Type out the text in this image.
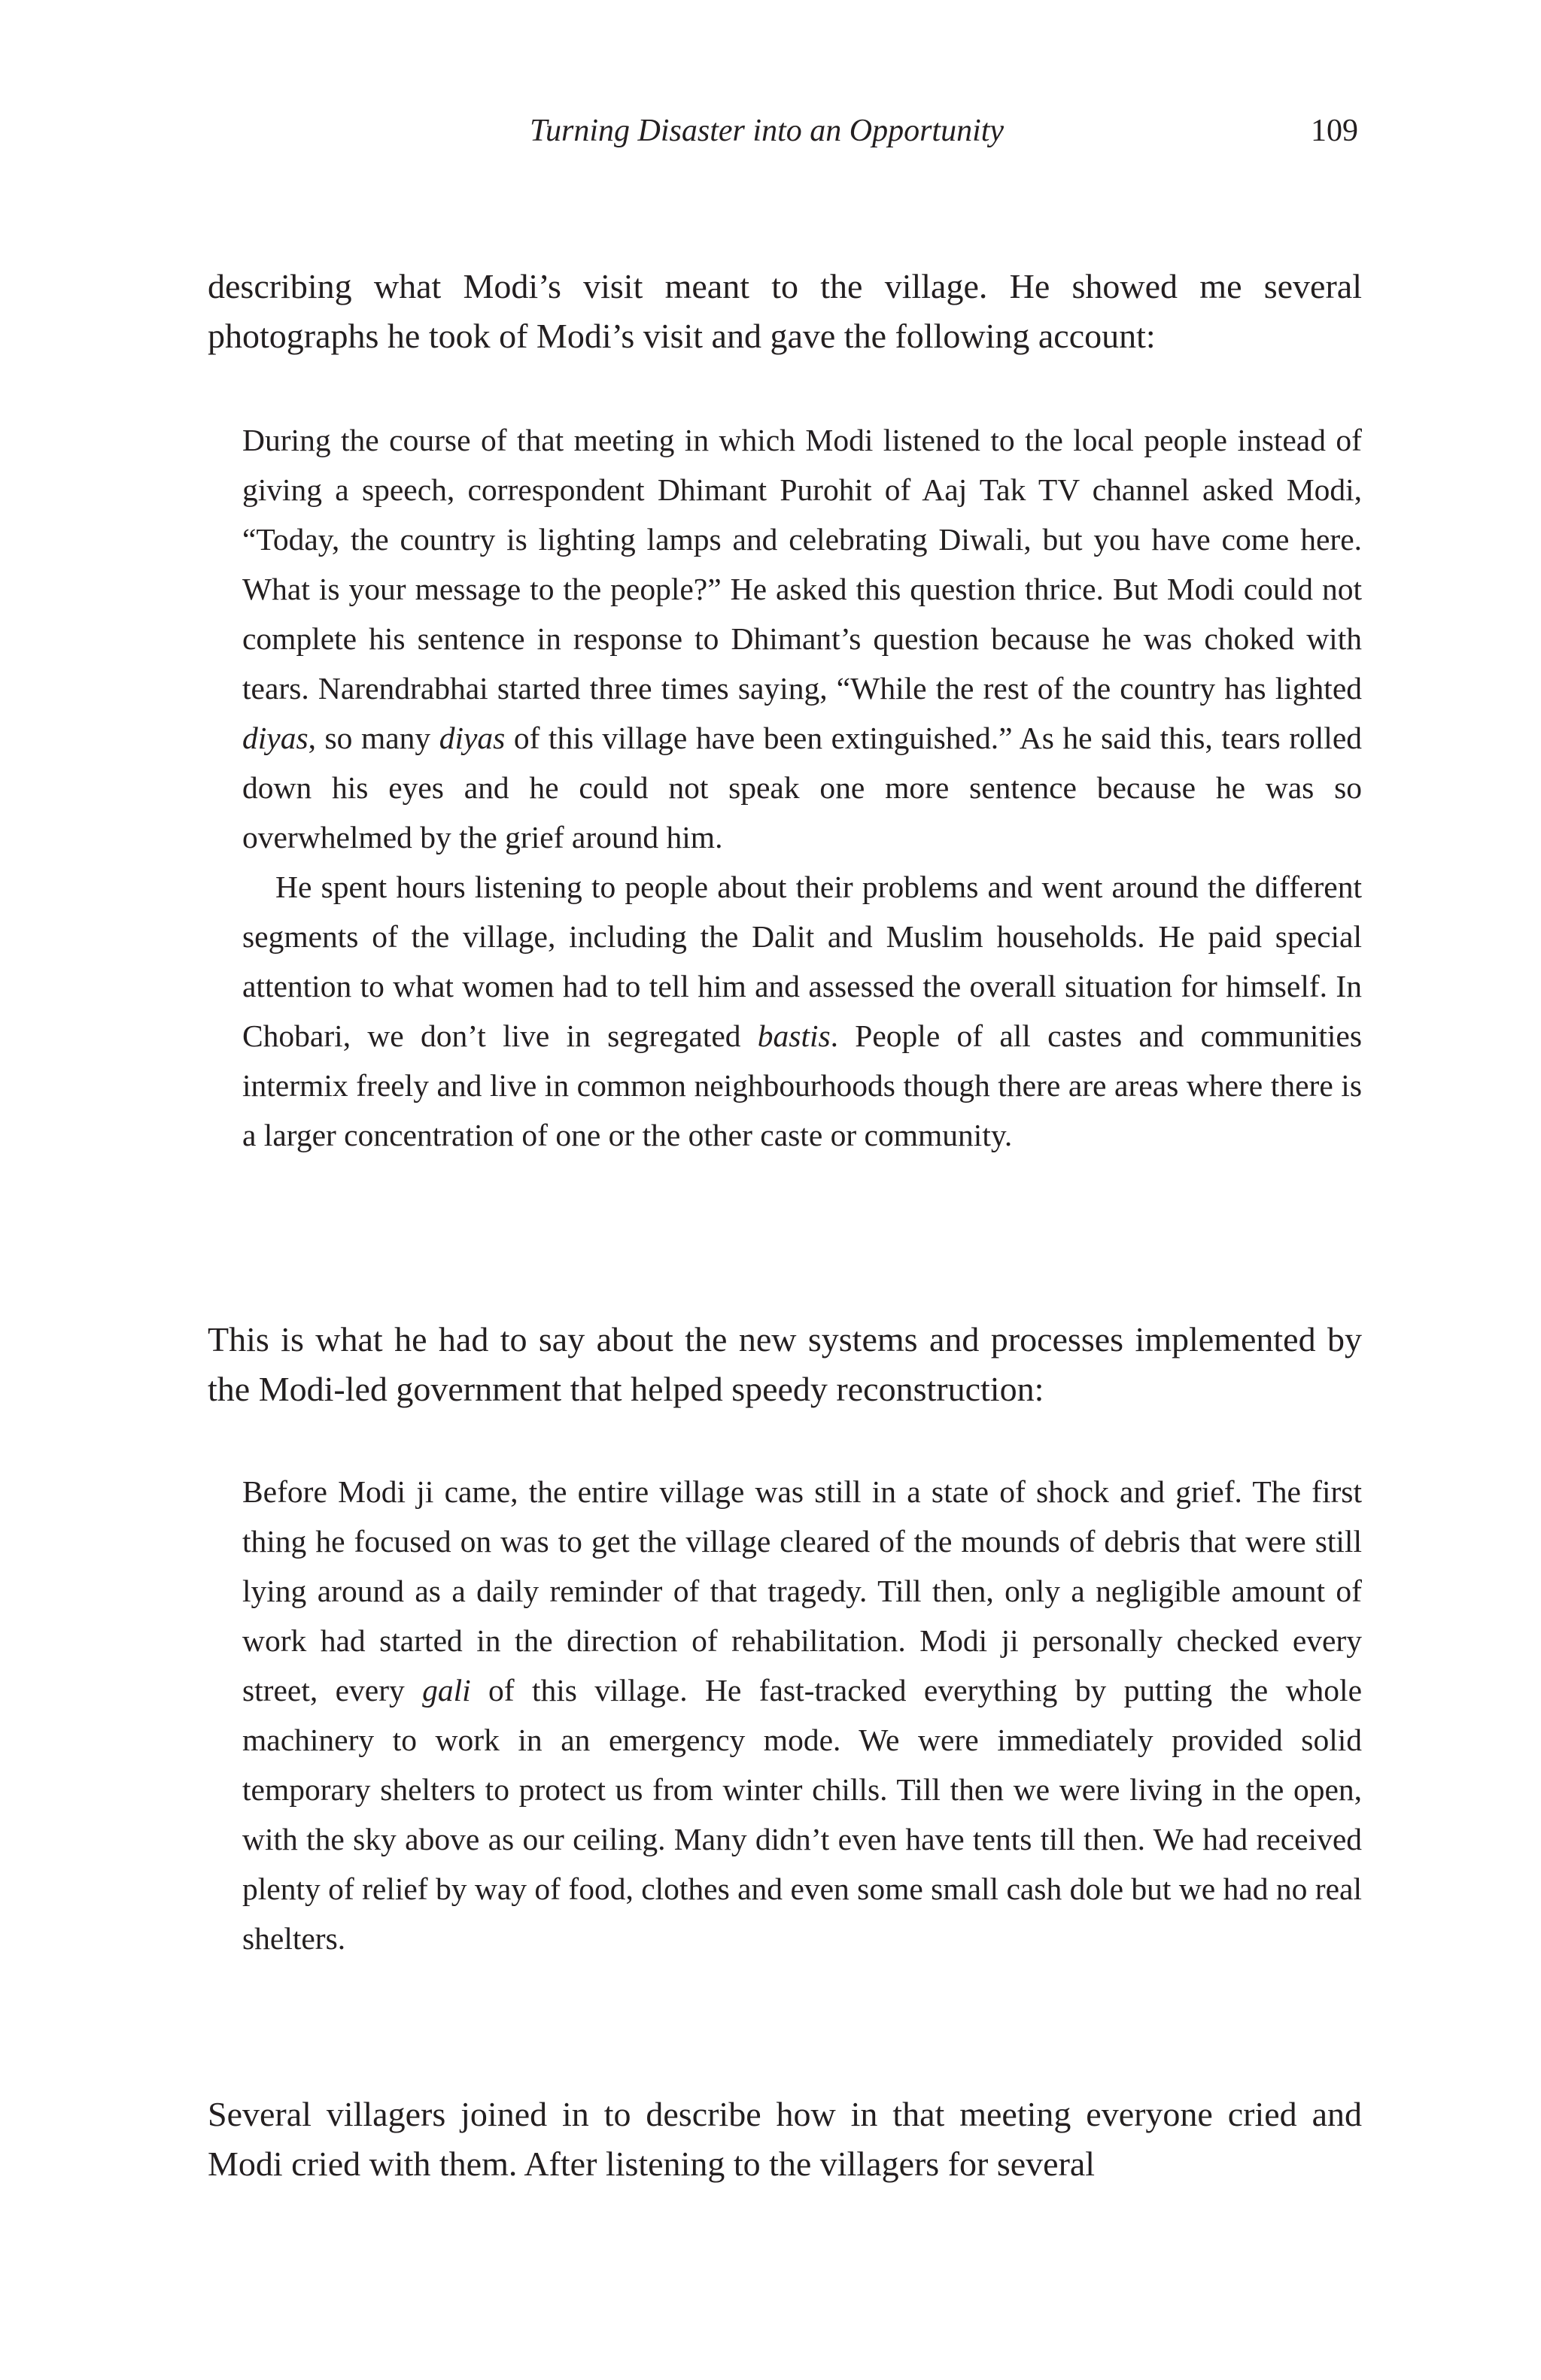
Turning Disaster into an Opportunity	109

describing what Modi’s visit meant to the village. He showed me several photographs he took of Modi’s visit and gave the following account:

During the course of that meeting in which Modi listened to the local people instead of giving a speech, correspondent Dhimant Purohit of Aaj Tak TV channel asked Modi, “Today, the country is lighting lamps and celebrating Diwali, but you have come here. What is your message to the people?” He asked this question thrice. But Modi could not complete his sentence in response to Dhimant’s question because he was choked with tears. Narendrabhai started three times saying, “While the rest of the country has lighted diyas, so many diyas of this village have been extinguished.” As he said this, tears rolled down his eyes and he could not speak one more sentence because he was so overwhelmed by the grief around him.

He spent hours listening to people about their problems and went around the different segments of the village, including the Dalit and Muslim households. He paid special attention to what women had to tell him and assessed the overall situation for himself. In Chobari, we don’t live in segregated bastis. People of all castes and communities intermix freely and live in common neighbourhoods though there are areas where there is a larger concentration of one or the other caste or community.

This is what he had to say about the new systems and processes implemented by the Modi-led government that helped speedy reconstruction:

Before Modi ji came, the entire village was still in a state of shock and grief. The first thing he focused on was to get the village cleared of the mounds of debris that were still lying around as a daily reminder of that tragedy. Till then, only a negligible amount of work had started in the direction of rehabilitation. Modi ji personally checked every street, every gali of this village. He fast-tracked everything by putting the whole machinery to work in an emergency mode. We were immediately provided solid temporary shelters to protect us from winter chills. Till then we were living in the open, with the sky above as our ceiling. Many didn’t even have tents till then. We had received plenty of relief by way of food, clothes and even some small cash dole but we had no real shelters.

Several villagers joined in to describe how in that meeting everyone cried and Modi cried with them. After listening to the villagers for several
